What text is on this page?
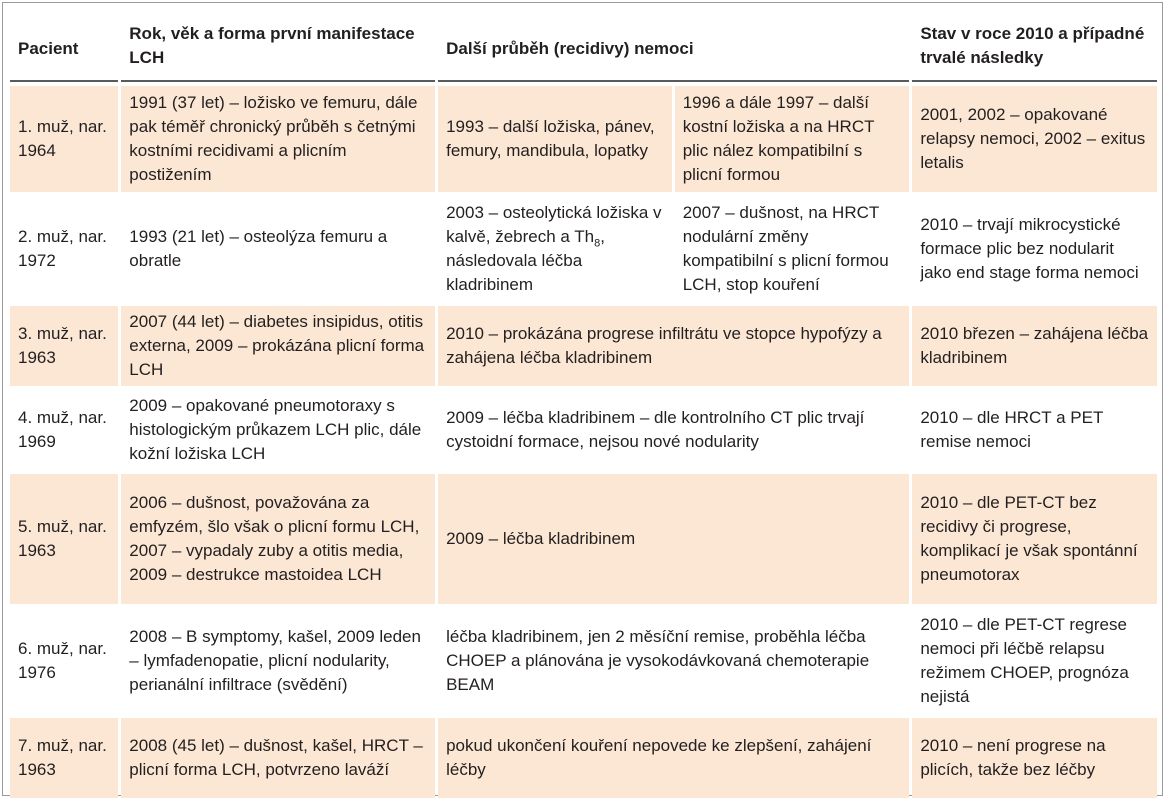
Pacient	Rok, věk a forma první manifestace LCH	Další průběh (recidivy) nemoci		Stav v roce 2010 a případné trvalé následky
1. muž, nar. 1964	1991 (37 let) – ložisko ve femuru, dále pak téměř chronický průběh s četnými kostními recidivami a plicním postižením	1993 – další ložiska, pánev, femury, mandibula, lopatky	1996 a dále 1997 – další kostní ložiska a na HRCT plic nález kompatibilní s plicní formou	2001, 2002 – opakované relapsy nemoci, 2002 – exitus letalis
2. muž, nar. 1972	1993 (21 let) – osteolýza femuru a obratle	2003 – osteolytická ložiska v kalvě, žebrech a $Th_8$, následovala léčba kladribinem	2007 – dušnost, na HRCT nodulární změny kompatibilní s plicní formou LCH, stop kouření	2010 – trvají mikrocystické formace plic bez nodularit jako end stage forma nemoci
3. muž, nar. 1963	2007 (44 let) – diabetes insipidus, otitis externa, 2009 – prokázána plicní forma LCH	2010 – prokázána progrese infiltrátu ve stopce hypofýzy a zahájena léčba kladribinem		2010 březen – zahájena léčba kladribinem
4. muž, nar. 1969	2009 – opakované pneumotoraxy s histologickým průkazem LCH plic, dále kožní ložiska LCH	2009 – léčba kladribinem – dle kontrolního CT plic trvají cystoidní formace, nejsou nové nodularity		2010 – dle HRCT a PET remise nemoci
5. muž, nar. 1963	2006 – dušnost, považována za emfyzém, šlo však o plicní formu LCH, 2007 – vypadaly zuby a otitis media, 2009 – destrukce mastoidea LCH	2009 – léčba kladribinem		2010 – dle PET-CT bez recidivy či progrese, komplikací je však spontánní pneumotorax
6. muž, nar. 1976	2008 – B symptomy, kašel, 2009 leden – lymfadenopatie, plicní nodularity, perianální infiltrace (svědění)	léčba kladribinem, jen 2 měsíční remise, proběhla léčba CHOEP a plánována je vysokodávkovaná chemoterapie BEAM		2010 – dle PET-CT regrese nemoci při léčbě relapsu režimem CHOEP, prognóza nejistá
7. muž, nar. 1963	2008 (45 let) – dušnost, kašel, HRCT – plicní forma LCH, potvrzeno laváží	pokud ukončení kouření nepovede ke zlepšení, zahájení léčby		2010 – není progrese na plicích, takže bez léčby
